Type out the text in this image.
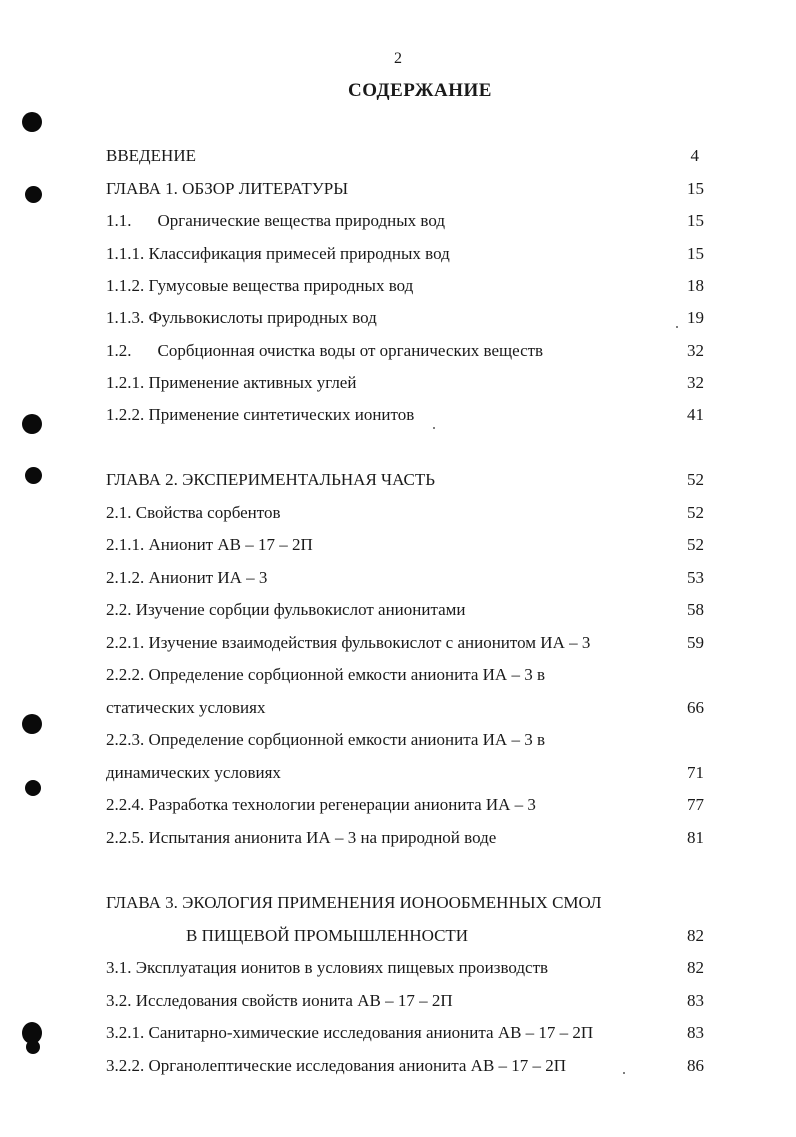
2
СОДЕРЖАНИЕ
ВВЕДЕНИЕ	4
ГЛАВА 1. ОБЗОР ЛИТЕРАТУРЫ	15
1.1. Органические вещества природных вод	15
1.1.1. Классификация примесей природных вод	15
1.1.2. Гумусовые вещества природных вод	18
1.1.3. Фульвокислоты природных вод	19
1.2. Сорбционная очистка воды от органических веществ	32
1.2.1. Применение активных углей	32
1.2.2. Применение синтетических ионитов	41
ГЛАВА 2. ЭКСПЕРИМЕНТАЛЬНАЯ ЧАСТЬ	52
2.1. Свойства сорбентов	52
2.1.1. Анионит АВ – 17 – 2П	52
2.1.2. Анионит ИА – 3	53
2.2. Изучение сорбции фульвокислот анионитами	58
2.2.1. Изучение взаимодействия фульвокислот с анионитом ИА – 3	59
2.2.2. Определение сорбционной емкости анионита ИА – 3 в
статических условиях	66
2.2.3. Определение сорбционной емкости анионита ИА – 3 в
динамических условиях	71
2.2.4. Разработка технологии регенерации анионита ИА – 3	77
2.2.5. Испытания анионита ИА – 3 на природной воде	81
ГЛАВА 3. ЭКОЛОГИЯ ПРИМЕНЕНИЯ ИОНООБМЕННЫХ СМОЛ
В ПИЩЕВОЙ ПРОМЫШЛЕННОСТИ	82
3.1. Эксплуатация ионитов в условиях пищевых производств	82
3.2. Исследования свойств ионита АВ – 17 – 2П	83
3.2.1. Санитарно-химические исследования анионита АВ – 17 – 2П	83
3.2.2. Органолептические исследования анионита АВ – 17 – 2П	86
